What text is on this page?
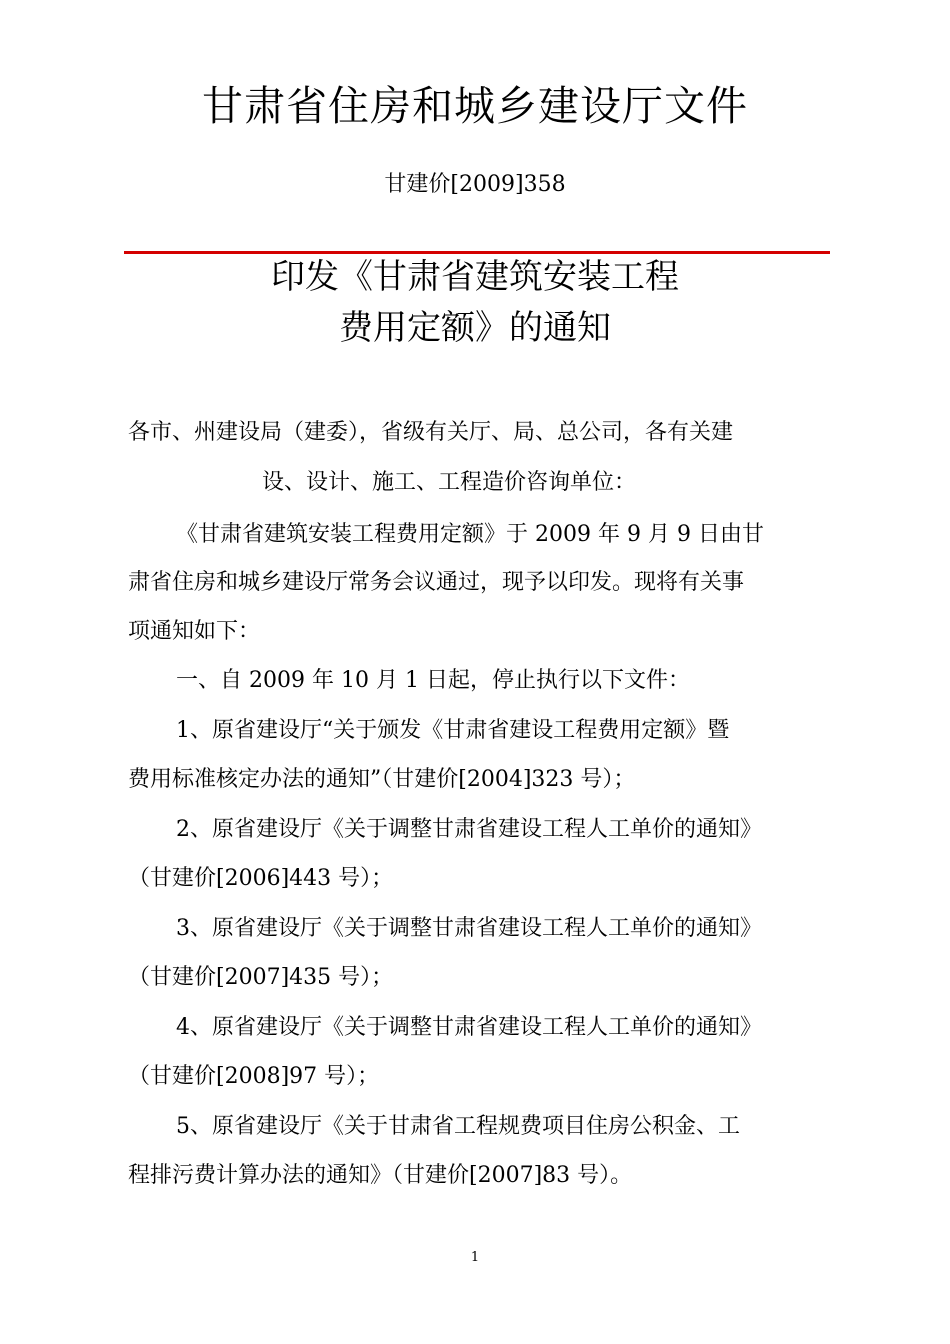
甘肃省住房和城乡建设厅文件
甘建价[2009]358
印发《甘肃省建筑安装工程
费用定额》的通知
各市、州建设局（建委），省级有关厅、局、总公司，各有关建
设、设计、施工、工程造价咨询单位：
《甘肃省建筑安装工程费用定额》于 2009 年 9 月 9 日由甘
肃省住房和城乡建设厅常务会议通过，现予以印发。现将有关事
项通知如下：
一、自 2009 年 10 月 1 日起，停止执行以下文件：
1、原省建设厅“关于颁发《甘肃省建设工程费用定额》暨
费用标准核定办法的通知”（甘建价[2004]323 号）；
2、原省建设厅《关于调整甘肃省建设工程人工单价的通知》
（甘建价[2006]443 号）；
3、原省建设厅《关于调整甘肃省建设工程人工单价的通知》
（甘建价[2007]435 号）；
4、原省建设厅《关于调整甘肃省建设工程人工单价的通知》
（甘建价[2008]97 号）；
5、原省建设厅《关于甘肃省工程规费项目住房公积金、工
程排污费计算办法的通知》（甘建价[2007]83 号）。
1
